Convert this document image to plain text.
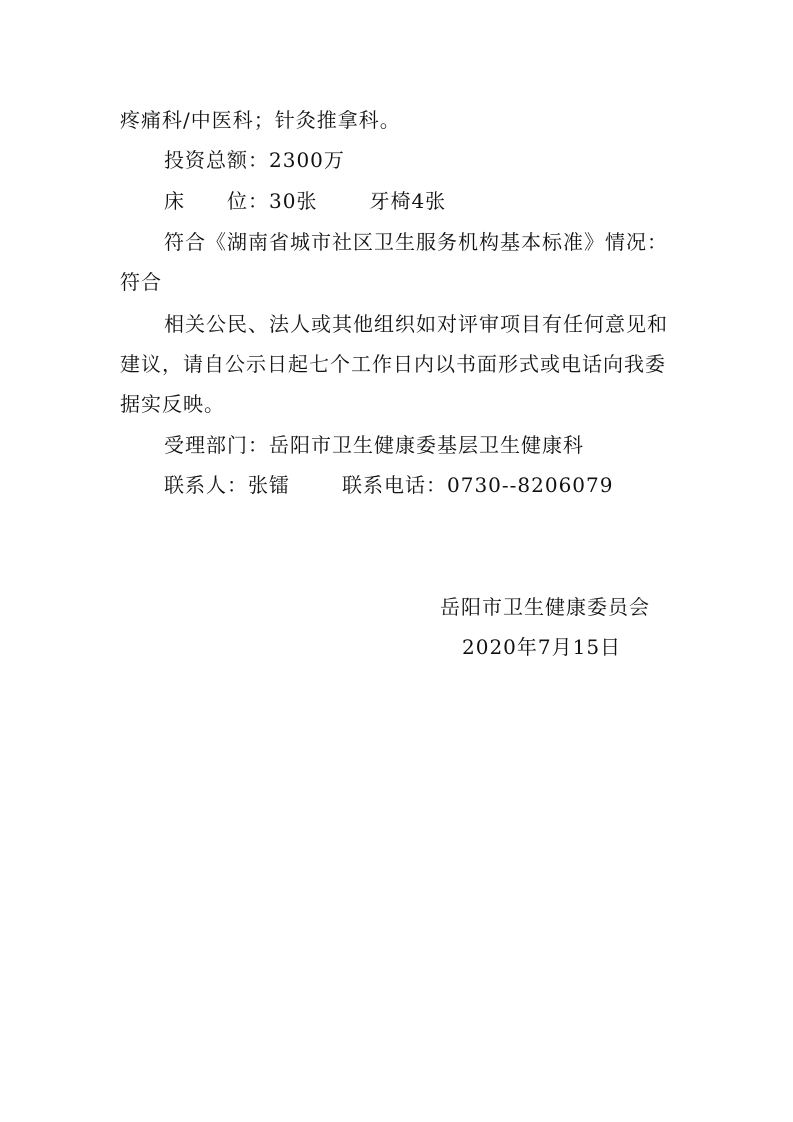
疼痛科/中医科；针灸推拿科。
投资总额：2300万
床 位：30张	牙椅4张
符合《湖南省城市社区卫生服务机构基本标准》情况：
符合
相关公民、法人或其他组织如对评审项目有任何意见和
建议，请自公示日起七个工作日内以书面形式或电话向我委
据实反映。
受理部门：岳阳市卫生健康委基层卫生健康科
联系人：张镭	联系电话：0730--8206079
岳阳市卫生健康委员会
2020年7月15日
